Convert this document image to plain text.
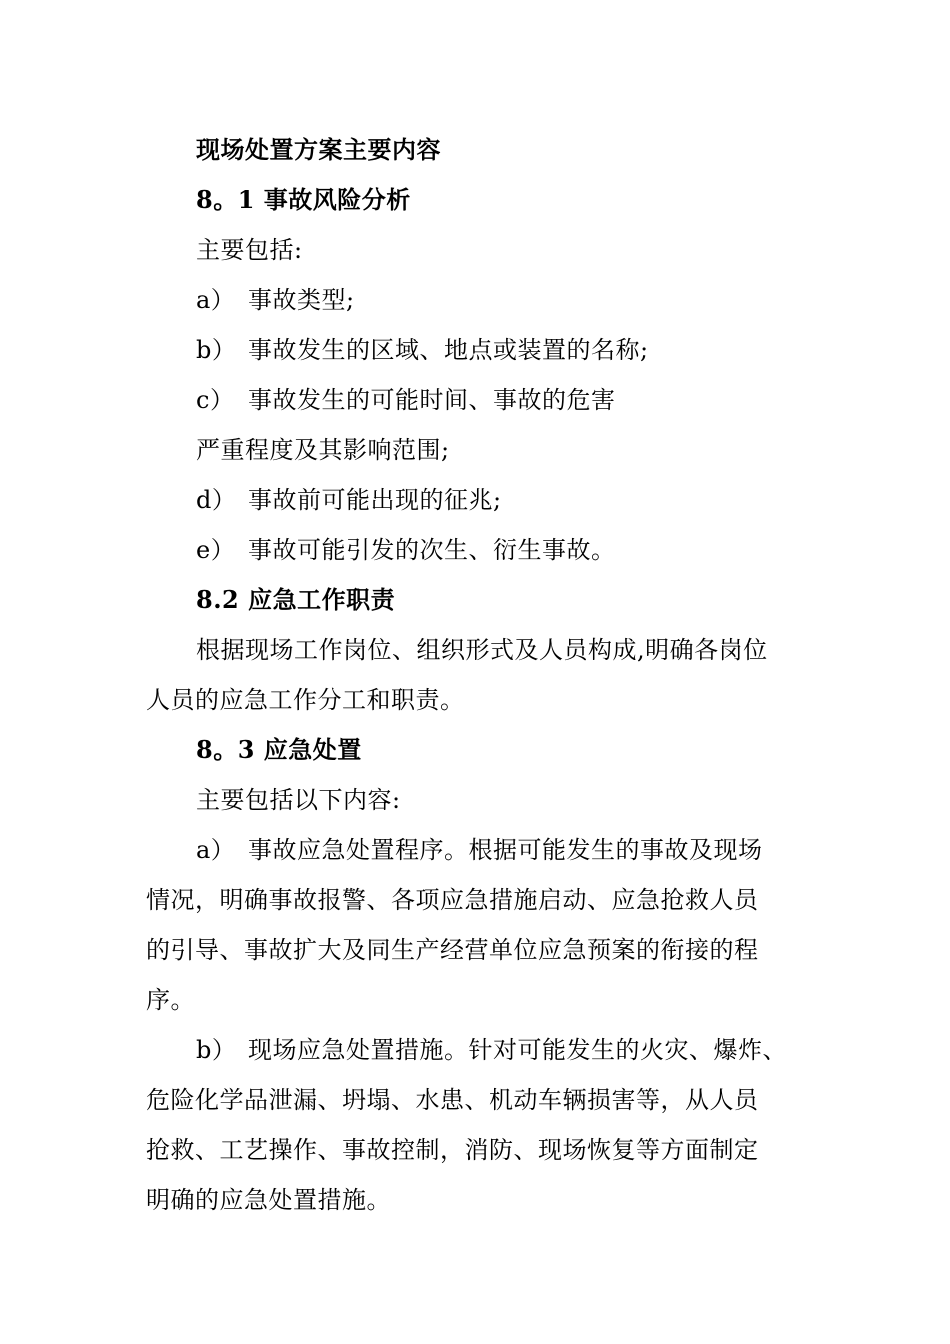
现场处置方案主要内容
8。1 事故风险分析
主要包括:
a） 事故类型;
b） 事故发生的区域、地点或装置的名称;
c） 事故发生的可能时间、事故的危害
严重程度及其影响范围;
d） 事故前可能出现的征兆;
e） 事故可能引发的次生、衍生事故。
8.2 应急工作职责
根据现场工作岗位、组织形式及人员构成,明确各岗位
人员的应急工作分工和职责。
8。3 应急处置
主要包括以下内容:
a） 事故应急处置程序。根据可能发生的事故及现场
情况，明确事故报警、各项应急措施启动、应急抢救人员
的引导、事故扩大及同生产经营单位应急预案的衔接的程
序。
b） 现场应急处置措施。针对可能发生的火灾、爆炸、
危险化学品泄漏、坍塌、水患、机动车辆损害等，从人员
抢救、工艺操作、事故控制，消防、现场恢复等方面制定
明确的应急处置措施。
